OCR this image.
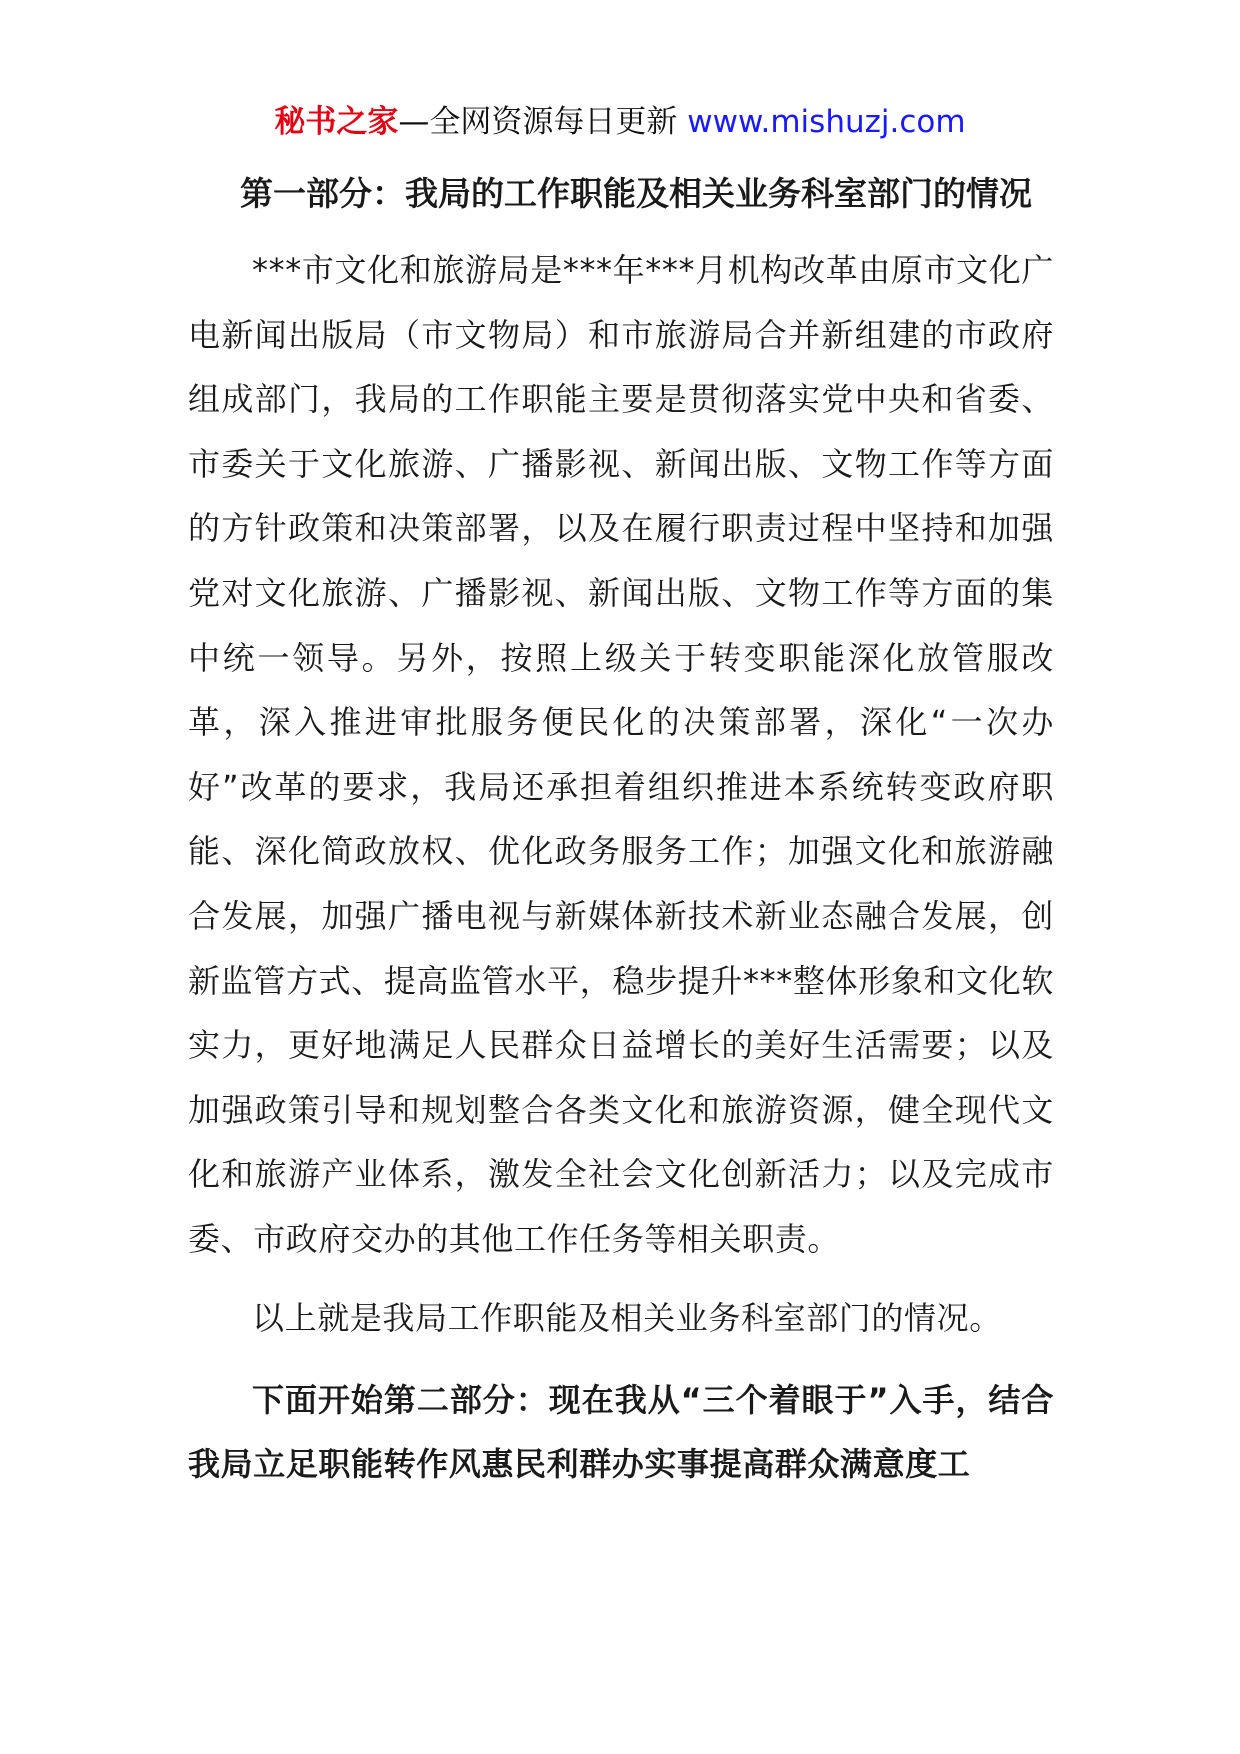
秘书之家—全网资源每日更新 www.mishuzj.com

第一部分：我局的工作职能及相关业务科室部门的情况

***市文化和旅游局是***年***月机构改革由原市文化广电新闻出版局（市文物局）和市旅游局合并新组建的市政府组成部门，我局的工作职能主要是贯彻落实党中央和省委、市委关于文化旅游、广播影视、新闻出版、文物工作等方面的方针政策和决策部署，以及在履行职责过程中坚持和加强党对文化旅游、广播影视、新闻出版、文物工作等方面的集中统一领导。另外，按照上级关于转变职能深化放管服改革，深入推进审批服务便民化的决策部署，深化“一次办好”改革的要求，我局还承担着组织推进本系统转变政府职能、深化简政放权、优化政务服务工作；加强文化和旅游融合发展，加强广播电视与新媒体新技术新业态融合发展，创新监管方式、提高监管水平，稳步提升***整体形象和文化软实力，更好地满足人民群众日益增长的美好生活需要；以及加强政策引导和规划整合各类文化和旅游资源，健全现代文化和旅游产业体系，激发全社会文化创新活力；以及完成市委、市政府交办的其他工作任务等相关职责。

以上就是我局工作职能及相关业务科室部门的情况。

下面开始第二部分：现在我从“三个着眼于”入手，结合我局立足职能转作风惠民利群办实事提高群众满意度工
